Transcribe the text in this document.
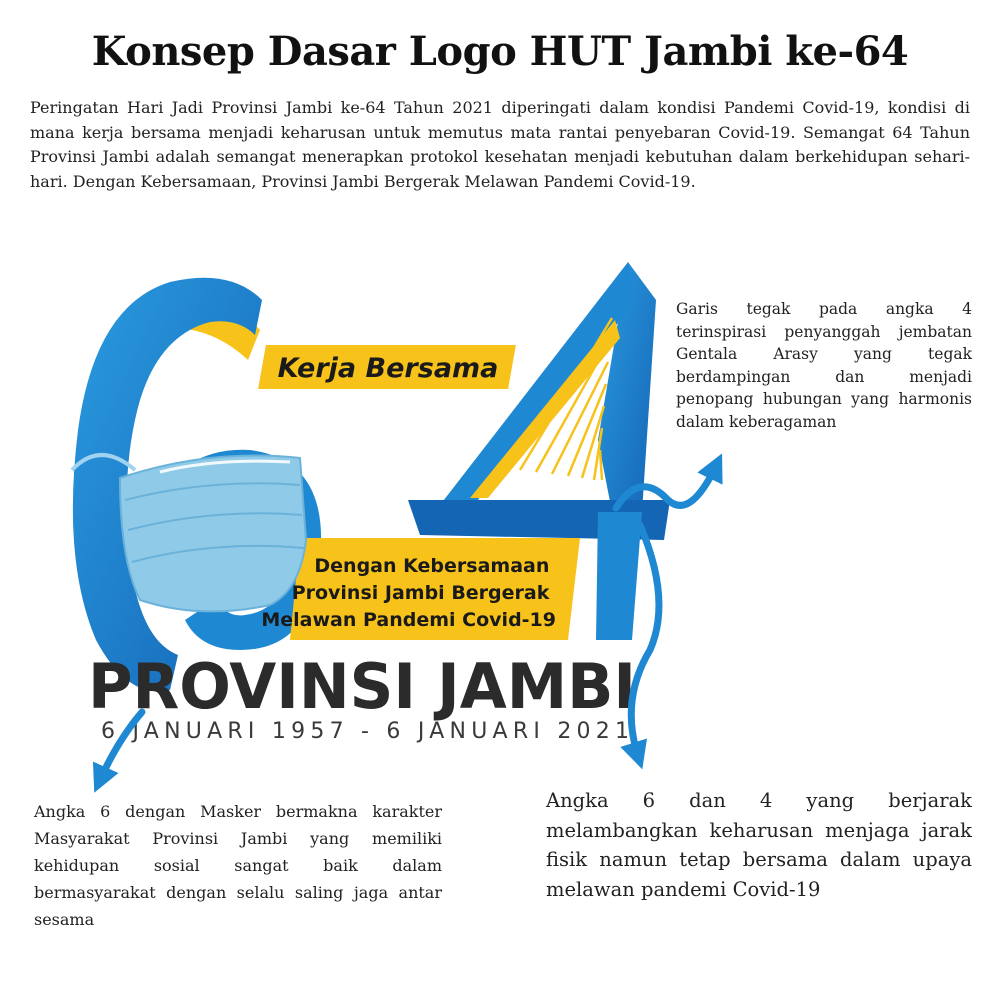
Konsep Dasar Logo HUT Jambi ke-64
Peringatan Hari Jadi Provinsi Jambi ke-64 Tahun 2021 diperingati dalam kondisi Pandemi Covid-19, kondisi di mana kerja bersama menjadi keharusan untuk memutus mata rantai penyebaran Covid-19. Semangat 64 Tahun Provinsi Jambi adalah semangat menerapkan protokol kesehatan menjadi kebutuhan dalam berkehidupan sehari-hari. Dengan Kebersamaan, Provinsi Jambi Bergerak Melawan Pandemi Covid-19.
Kerja Bersama
Dengan Kebersamaan Provinsi Jambi Bergerak Melawan Pandemi Covid-19
PROVINSI JAMBI
6 JANUARI 1957 - 6 JANUARI 2021
Garis tegak pada angka 4 terinspirasi penyanggah jembatan Gentala Arasy yang tegak berdampingan dan menjadi penopang hubungan yang harmonis dalam keberagaman
Angka 6 dengan Masker bermakna karakter Masyarakat Provinsi Jambi yang memiliki kehidupan sosial sangat baik dalam bermasyarakat dengan selalu saling jaga antar sesama
Angka 6 dan 4 yang berjarak melambangkan keharusan menjaga jarak fisik namun tetap bersama dalam upaya melawan pandemi Covid-19
